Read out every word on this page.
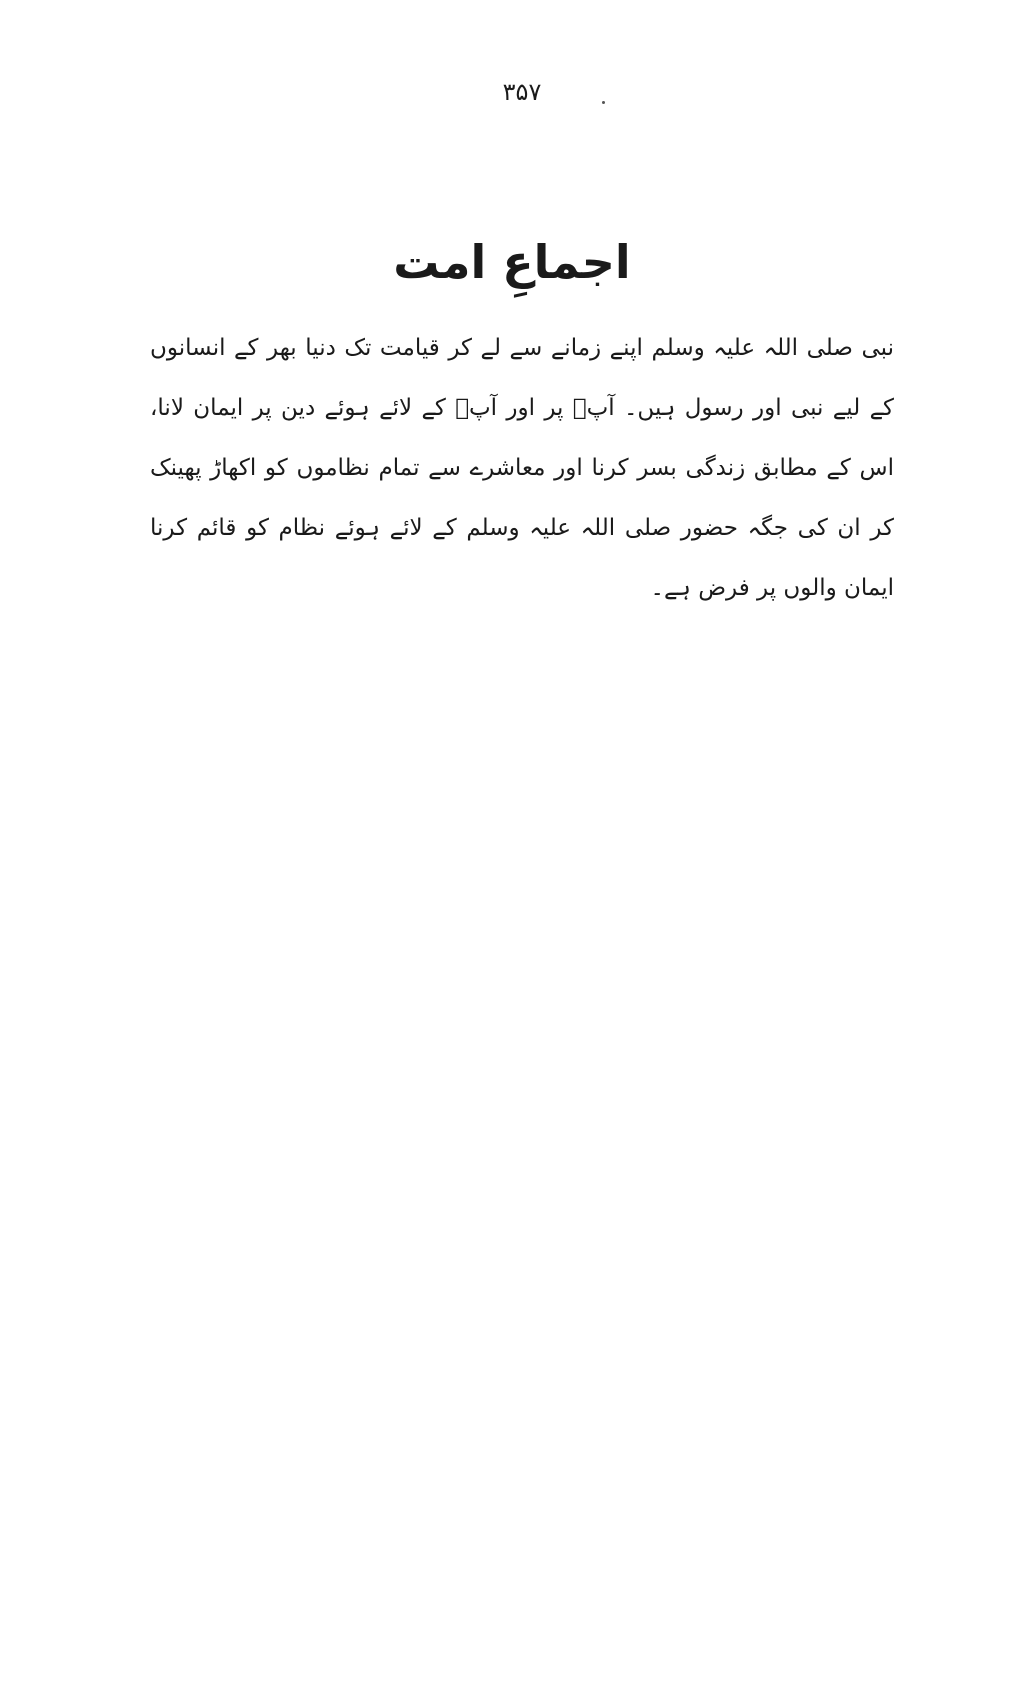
۳۵۷
اجماعِ امت
نبی صلی اللہ علیہ وسلم اپنے زمانے سے لے کر قیامت تک دنیا بھر کے انسانوں کے لیے نبی اور رسول ہیں۔ آپؐ پر اور آپؐ کے لائے ہوئے دین پر ایمان لانا، اس کے مطابق زندگی بسر کرنا اور معاشرے سے تمام نظاموں کو اکھاڑ پھینک کر ان کی جگہ حضور صلی اللہ علیہ وسلم کے لائے ہوئے نظام کو قائم کرنا ایمان والوں پر فرض ہے۔
